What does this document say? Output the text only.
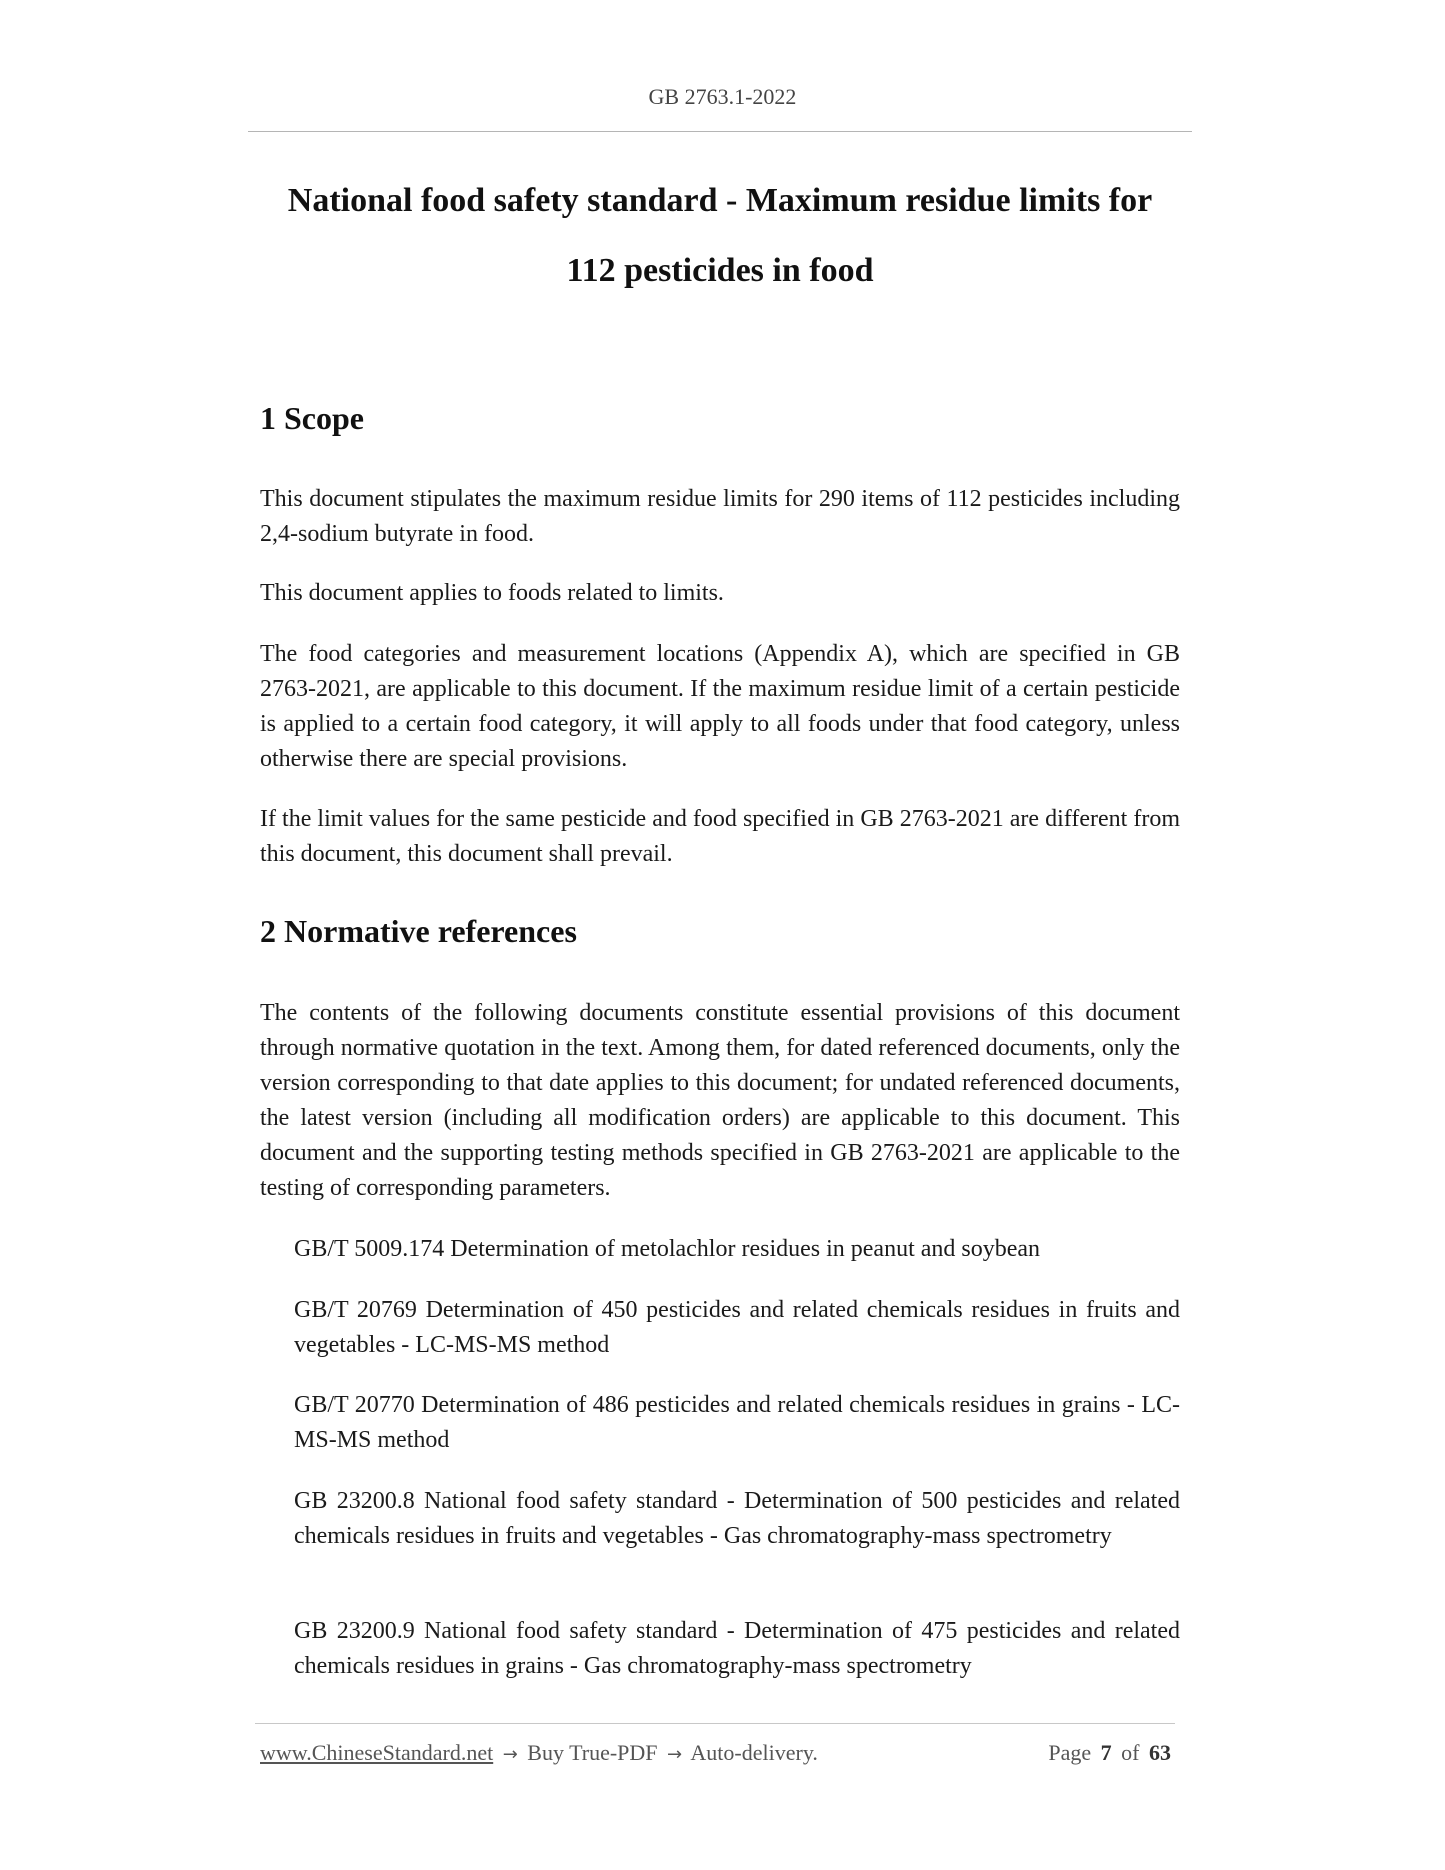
GB 2763.1-2022
National food safety standard - Maximum residue limits for
112 pesticides in food
1 Scope

This document stipulates the maximum residue limits for 290 items of 112 pesticides including 2,4-sodium butyrate in food.

This document applies to foods related to limits.

The food categories and measurement locations (Appendix A), which are specified in GB 2763-2021, are applicable to this document. If the maximum residue limit of a certain pesticide is applied to a certain food category, it will apply to all foods under that food category, unless otherwise there are special provisions.

If the limit values for the same pesticide and food specified in GB 2763-2021 are different from this document, this document shall prevail.

2 Normative references

The contents of the following documents constitute essential provisions of this document through normative quotation in the text. Among them, for dated referenced documents, only the version corresponding to that date applies to this document; for undated referenced documents, the latest version (including all modification orders) are applicable to this document. This document and the supporting testing methods specified in GB 2763-2021 are applicable to the testing of corresponding parameters.

GB/T 5009.174 Determination of metolachlor residues in peanut and soybean

GB/T 20769 Determination of 450 pesticides and related chemicals residues in fruits and vegetables - LC-MS-MS method

GB/T 20770 Determination of 486 pesticides and related chemicals residues in grains - LC-MS-MS method

GB 23200.8 National food safety standard - Determination of 500 pesticides and related chemicals residues in fruits and vegetables - Gas chromatography-mass spectrometry

GB 23200.9 National food safety standard - Determination of 475 pesticides and related chemicals residues in grains - Gas chromatography-mass spectrometry

www.ChineseStandard.net → Buy True-PDF → Auto-delivery.	Page 7 of 63
